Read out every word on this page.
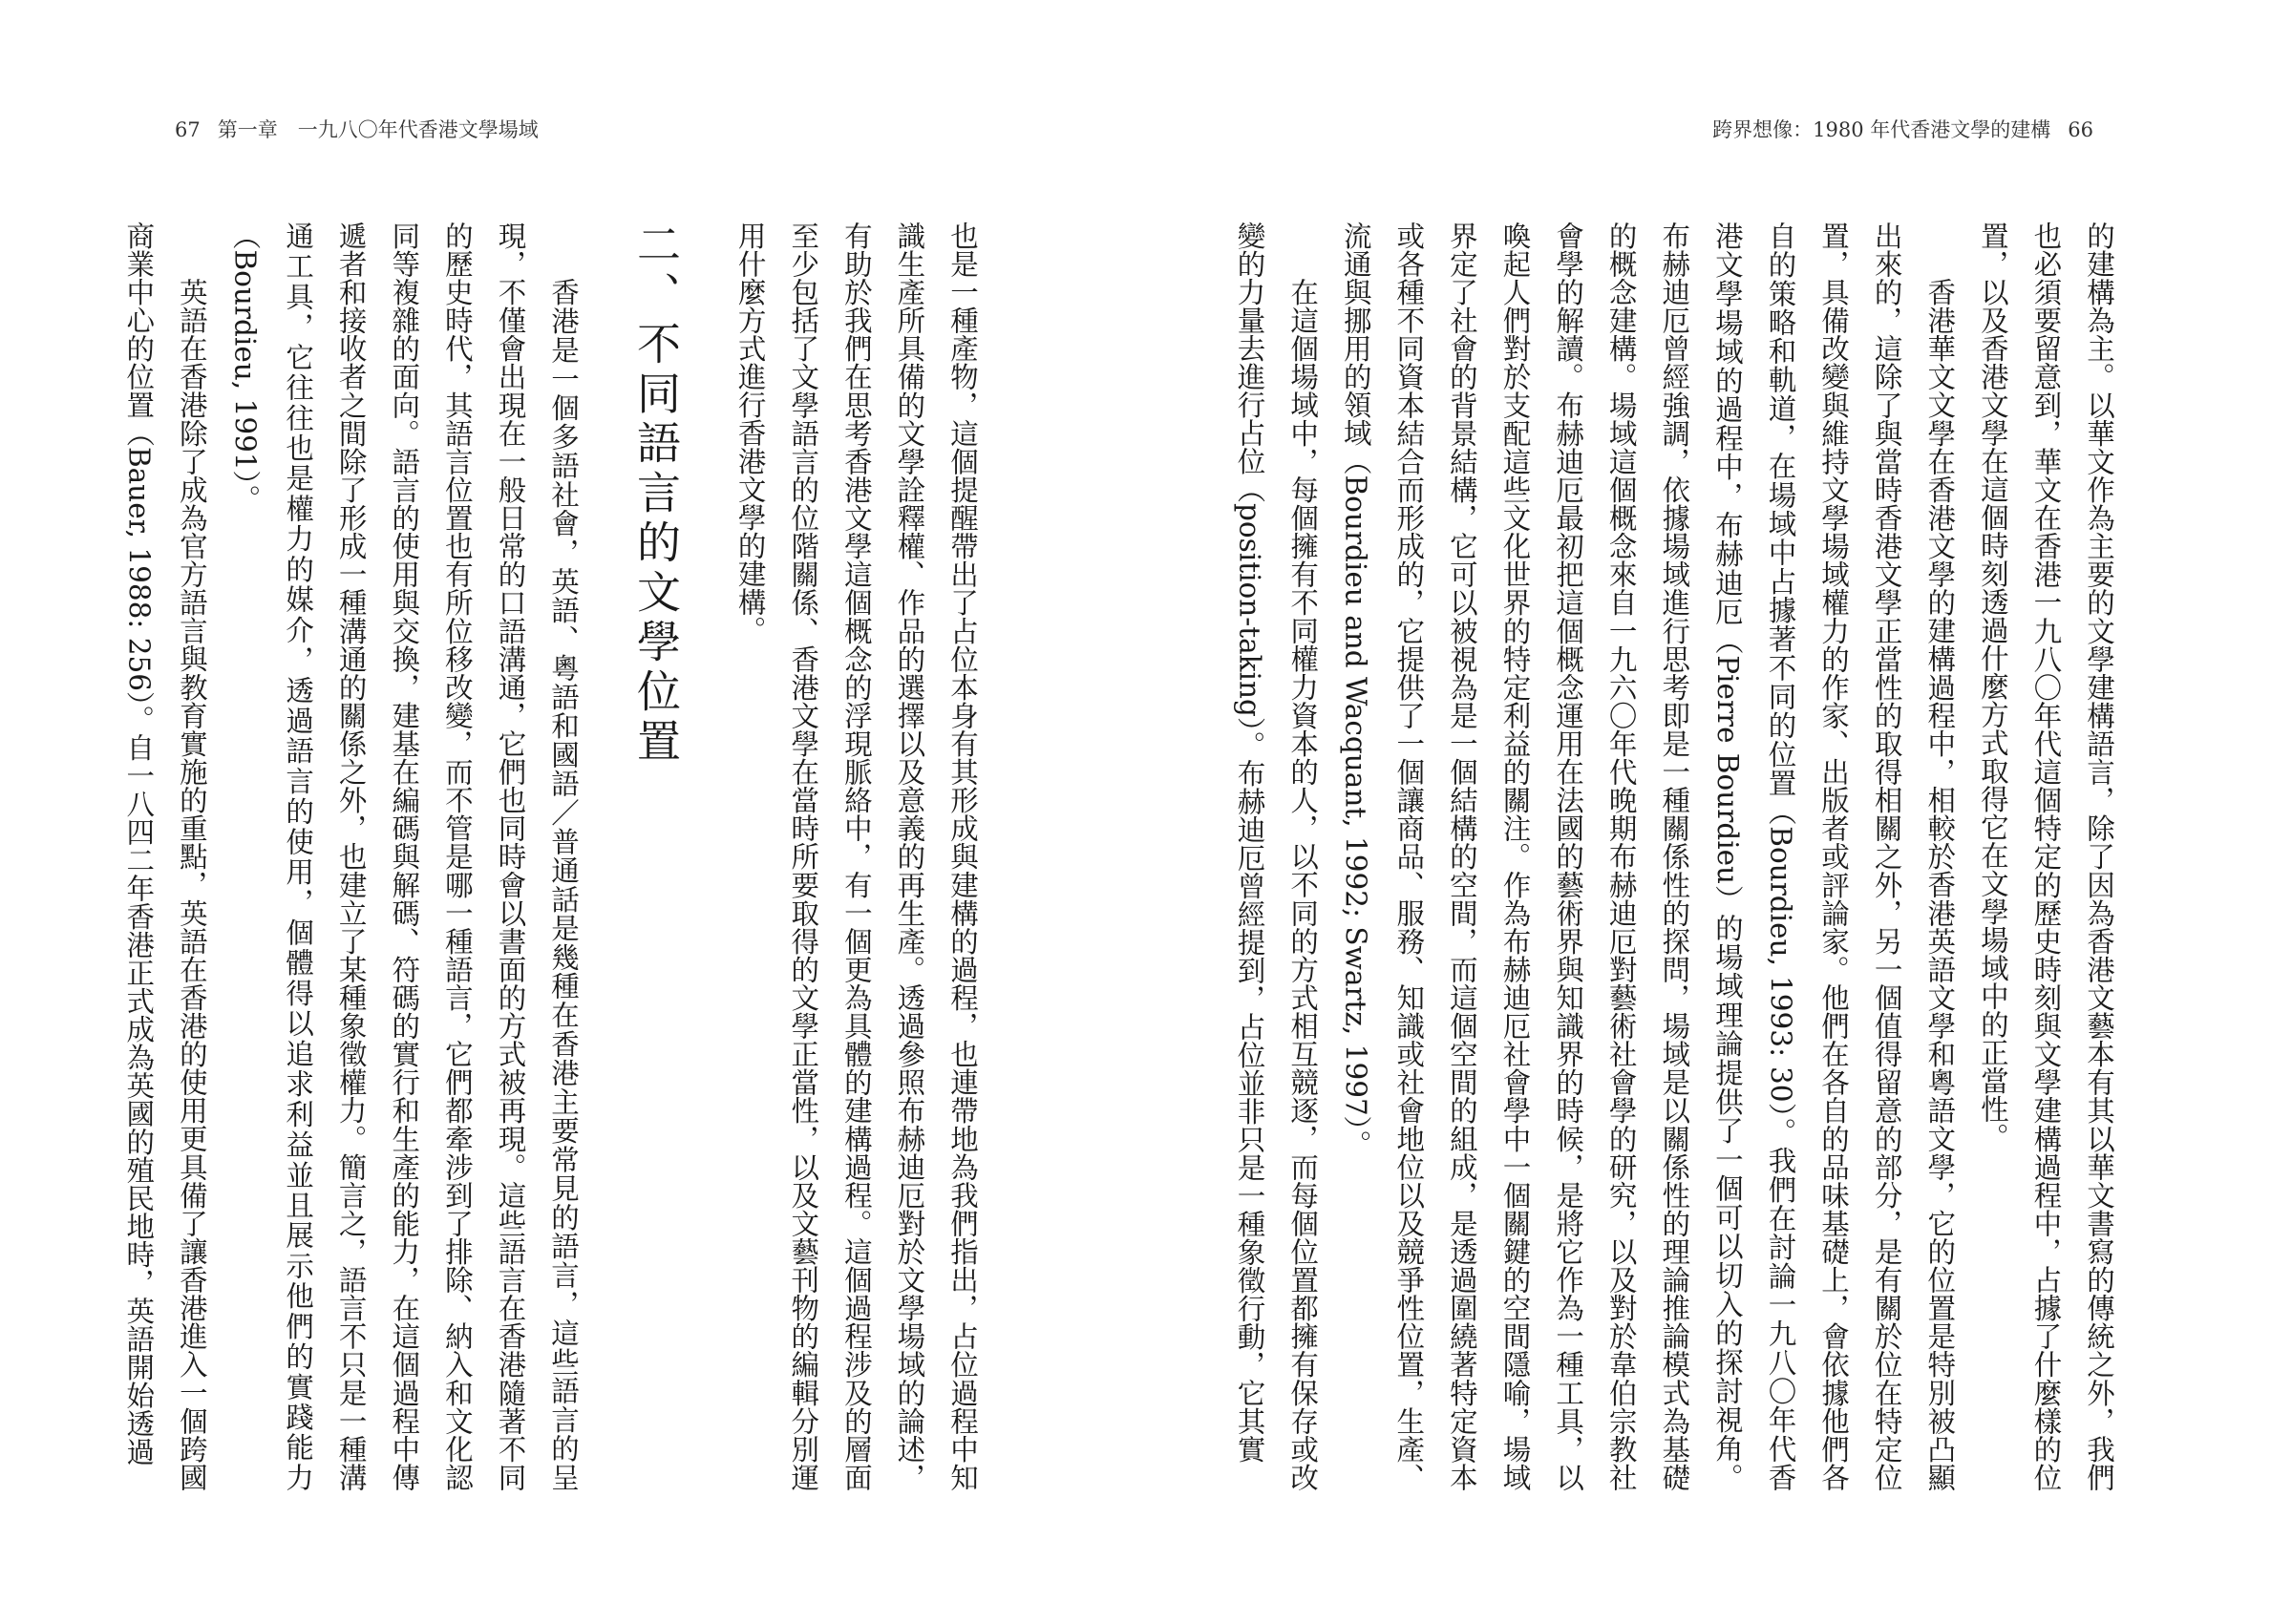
67 第一章　一九八〇年代香港文學場域	跨界想像：1980 年代香港文學的建構 66

的建構為主。以華文作為主要的文學建構語言，除了因為香港文藝本有其以華文書寫的傳統之外，我們也必須要留意到，華文在香港一九八〇年代這個特定的歷史時刻與文學建構過程中，占據了什麼樣的位置，以及香港文學在這個時刻透過什麼方式取得它在文學場域中的正當性。

香港華文文學在香港文學的建構過程中，相較於香港英語文學和粵語文學，它的位置是特別被凸顯出來的，這除了與當時香港文學正當性的取得相關之外，另一個值得留意的部分，是有關於位在特定位置，具備改變與維持文學場域權力的作家、出版者或評論家。他們在各自的品味基礎上，會依據他們各自的策略和軌道，在場域中占據著不同的位置（Bourdieu, 1993: 30）。我們在討論一九八〇年代香港文學場域的過程中，布赫迪厄（Pierre Bourdieu）的場域理論提供了一個可以切入的探討視角。布赫迪厄曾經強調，依據場域進行思考即是一種關係性的探問，場域是以關係性的理論推論模式為基礎的概念建構。場域這個概念來自一九六〇年代晚期布赫迪厄對藝術社會學的研究，以及對於韋伯宗教社會學的解讀。布赫迪厄最初把這個概念運用在法國的藝術界與知識界的時候，是將它作為一種工具，以喚起人們對於支配這些文化世界的特定利益的關注。作為布赫迪厄社會學中一個關鍵的空間隱喻，場域界定了社會的背景結構，它可以被視為是一個結構的空間，而這個空間的組成，是透過圍繞著特定資本或各種不同資本結合而形成的，它提供了一個讓商品、服務、知識或社會地位以及競爭性位置，生產、流通與挪用的領域（Bourdieu and Wacquant, 1992; Swartz, 1997）。

在這個場域中，每個擁有不同權力資本的人，以不同的方式相互競逐，而每個位置都擁有保存或改變的力量去進行占位（position-taking）。布赫迪厄曾經提到，占位並非只是一種象徵行動，它其實

也是一種產物，這個提醒帶出了占位本身有其形成與建構的過程，也連帶地為我們指出，占位過程中知識生產所具備的文學詮釋權、作品的選擇以及意義的再生產。透過參照布赫迪厄對於文學場域的論述，有助於我們在思考香港文學這個概念的浮現脈絡中，有一個更為具體的建構過程。這個過程涉及的層面至少包括了文學語言的位階關係、香港文學在當時所要取得的文學正當性，以及文藝刊物的編輯分別運用什麼方式進行香港文學的建構。

二、不同語言的文學位置

香港是一個多語社會，英語、粵語和國語／普通話是幾種在香港主要常見的語言，這些語言的呈現，不僅會出現在一般日常的口語溝通，它們也同時會以書面的方式被再現。這些語言在香港隨著不同的歷史時代，其語言位置也有所位移改變，而不管是哪一種語言，它們都牽涉到了排除、納入和文化認同等複雜的面向。語言的使用與交換，建基在編碼與解碼、符碼的實行和生產的能力，在這個過程中傳遞者和接收者之間除了形成一種溝通的關係之外，也建立了某種象徵權力。簡言之，語言不只是一種溝通工具，它往往也是權力的媒介，透過語言的使用，個體得以追求利益並且展示他們的實踐能力（Bourdieu, 1991）。

英語在香港除了成為官方語言與教育實施的重點，英語在香港的使用更具備了讓香港進入一個跨國商業中心的位置（Bauer, 1988: 256）。自一八四二年香港正式成為英國的殖民地時，英語開始透過
